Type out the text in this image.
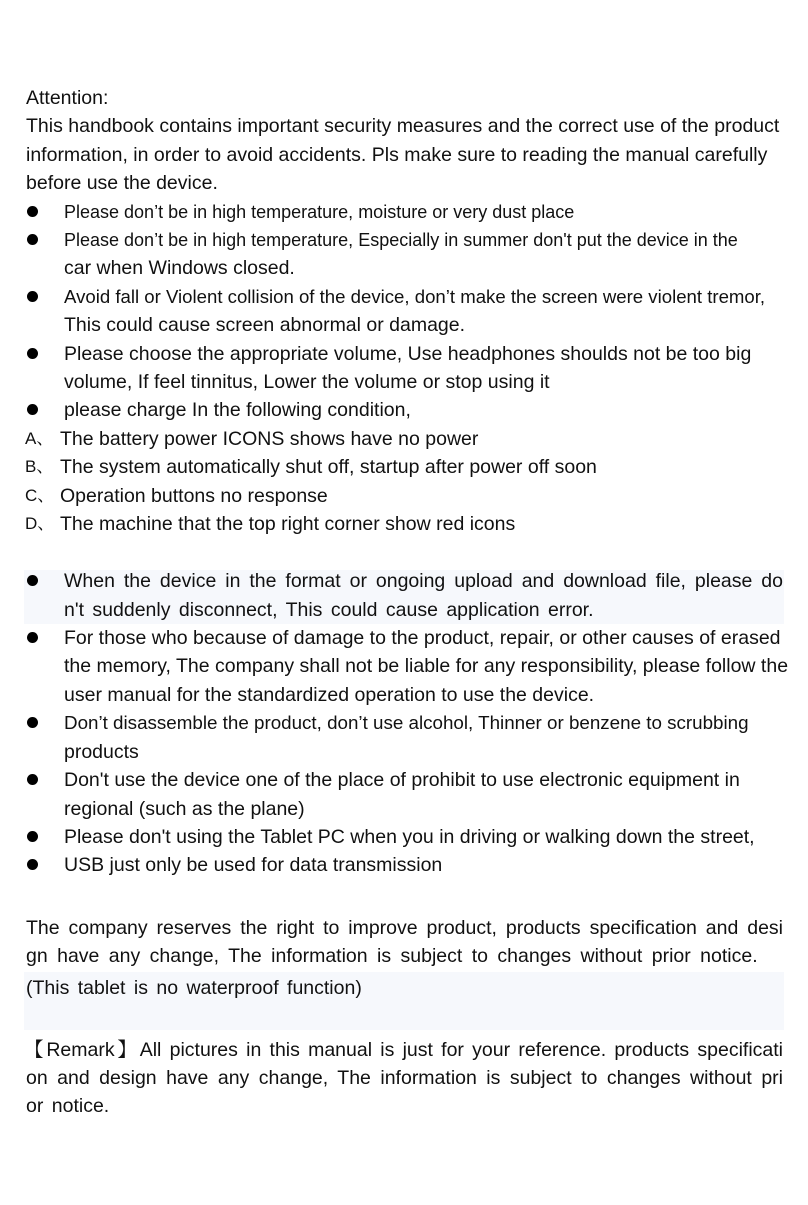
Attention:
This handbook contains important security measures and the correct use of the product
information, in order to avoid accidents. Pls make sure to reading the manual carefully
before use the device.
Please don’t be in high temperature, moisture or very dust place
Please don’t be in high temperature, Especially in summer don't put the device in the
car when Windows closed.
Avoid fall or Violent collision of the device, don’t make the screen were violent tremor,
This could cause screen abnormal or damage.
Please choose the appropriate volume, Use headphones shoulds not be too big
volume, If feel tinnitus, Lower the volume or stop using it
please charge In the following condition,
A、 The battery power ICONS shows have no power
B、 The system automatically shut off, startup after power off soon
C、 Operation buttons no response
D、 The machine that the top right corner show red icons
When the device in the format or ongoing upload and download file, please do
n't suddenly disconnect, This could cause application error.
For those who because of damage to the product, repair, or other causes of erased
the memory, The company shall not be liable for any responsibility, please follow the
user manual for the standardized operation to use the device.
Don’t disassemble the product, don’t use alcohol, Thinner or benzene to scrubbing
products
Don't use the device one of the place of prohibit to use electronic equipment in
regional (such as the plane)
Please don't using the Tablet PC when you in driving or walking down the street,
USB just only be used for data transmission
The company reserves the right to improve product, products specification and desi
gn have any change, The information is subject to changes without prior notice.
(This tablet is no waterproof function)
【Remark】All pictures in this manual is just for your reference. products specificati
on and design have any change, The information is subject to changes without pri
or notice.
